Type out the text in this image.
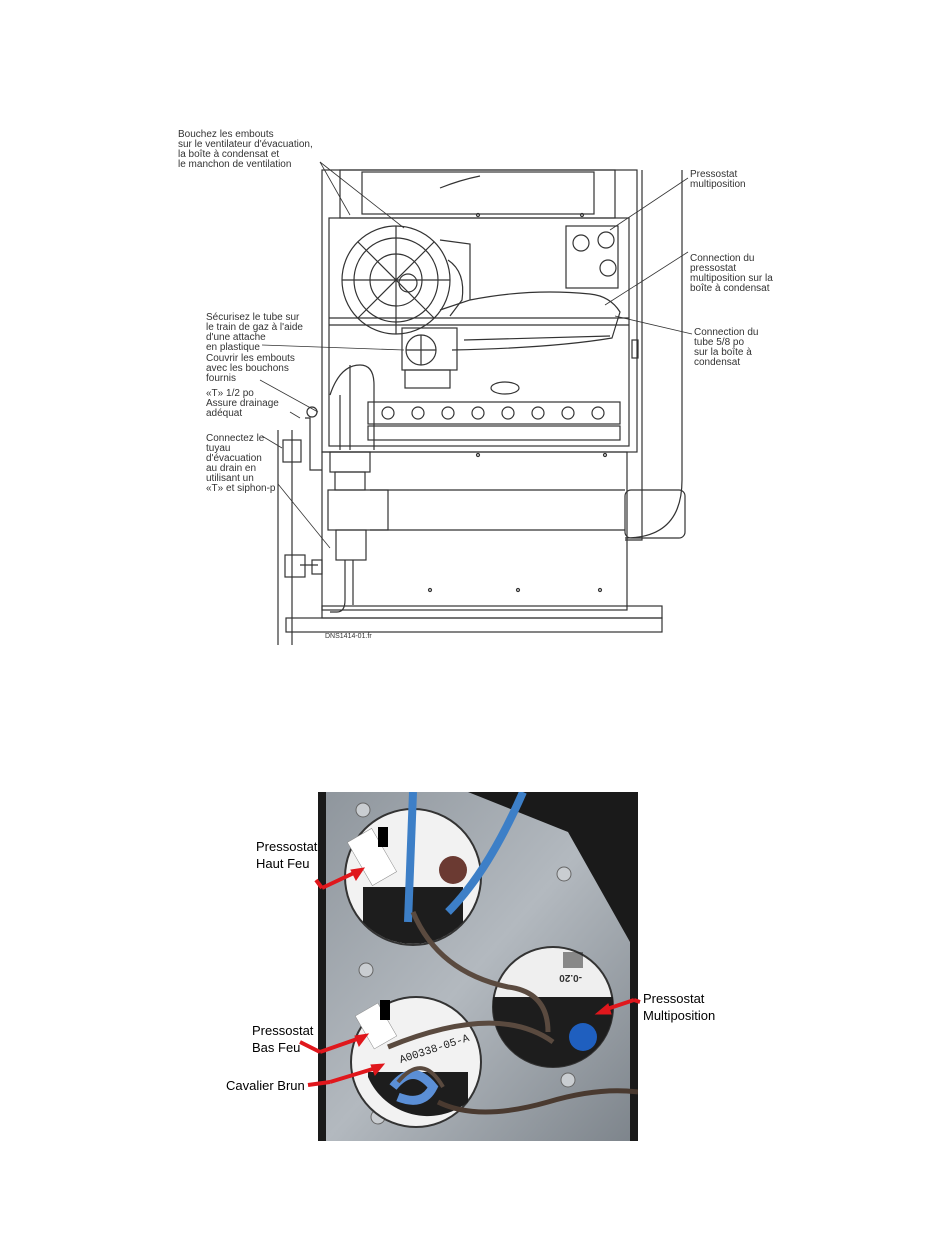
Bouchez les embouts
sur le ventilateur d'évacuation,
la boîte à condensat et
le manchon de ventilation
Pressostat
multiposition
Connection du
pressostat
multiposition sur la
boîte à condensat
Connection du
tube 5/8 po
sur la boîte à
condensat
Sécurisez le tube sur
le train de gaz à l'aide
d'une attache
en plastique
Couvrir les embouts
avec les bouchons
fournis
«T» 1/2 po
Assure drainage
adéquat
Connectez le
tuyau
d'évacuation
au drain en
utilisant un
«T» et siphon-p
DNS1414-01.fr
-0.20
A00338-05-A
Pressostat
Haut Feu
Pressostat
Bas Feu
Cavalier Brun
Pressostat
Multiposition
